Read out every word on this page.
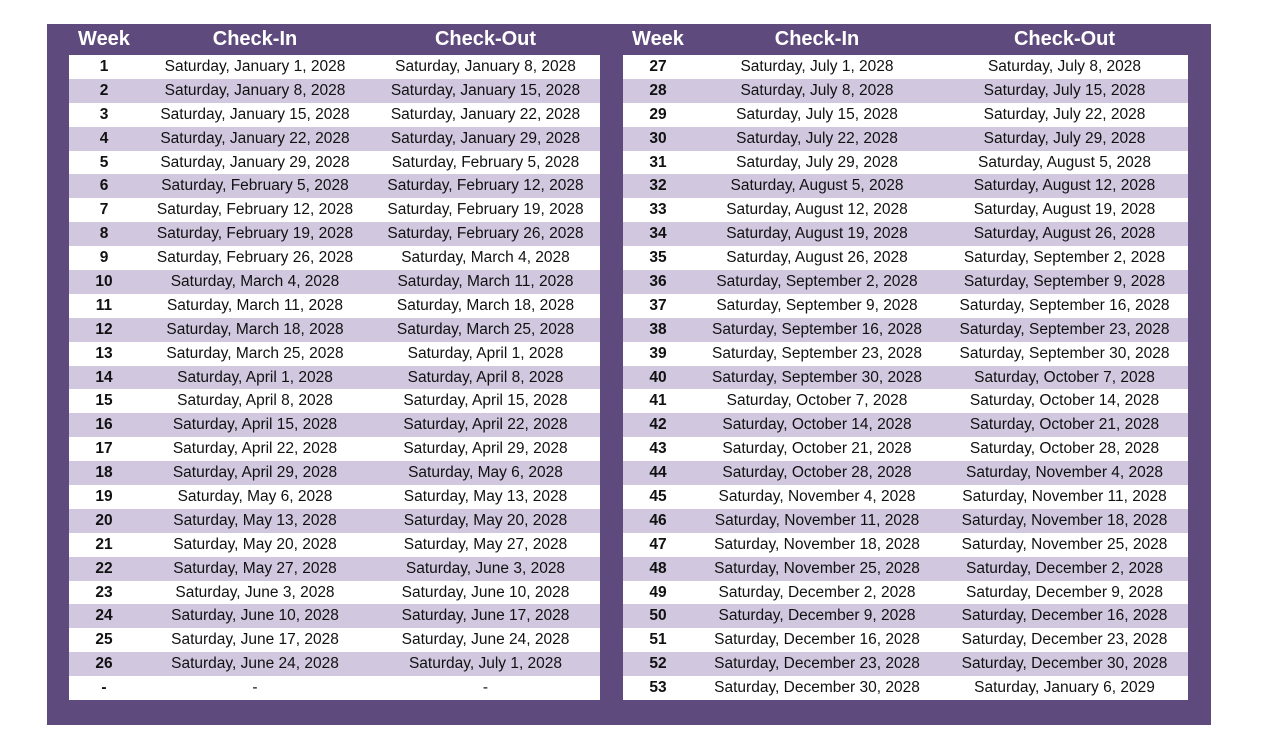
Week	Check-In	Check-Out
1	Saturday, January 1, 2028	Saturday, January 8, 2028
2	Saturday, January 8, 2028	Saturday, January 15, 2028
3	Saturday, January 15, 2028	Saturday, January 22, 2028
4	Saturday, January 22, 2028	Saturday, January 29, 2028
5	Saturday, January 29, 2028	Saturday, February 5, 2028
6	Saturday, February 5, 2028	Saturday, February 12, 2028
7	Saturday, February 12, 2028	Saturday, February 19, 2028
8	Saturday, February 19, 2028	Saturday, February 26, 2028
9	Saturday, February 26, 2028	Saturday, March 4, 2028
10	Saturday, March 4, 2028	Saturday, March 11, 2028
11	Saturday, March 11, 2028	Saturday, March 18, 2028
12	Saturday, March 18, 2028	Saturday, March 25, 2028
13	Saturday, March 25, 2028	Saturday, April 1, 2028
14	Saturday, April 1, 2028	Saturday, April 8, 2028
15	Saturday, April 8, 2028	Saturday, April 15, 2028
16	Saturday, April 15, 2028	Saturday, April 22, 2028
17	Saturday, April 22, 2028	Saturday, April 29, 2028
18	Saturday, April 29, 2028	Saturday, May 6, 2028
19	Saturday, May 6, 2028	Saturday, May 13, 2028
20	Saturday, May 13, 2028	Saturday, May 20, 2028
21	Saturday, May 20, 2028	Saturday, May 27, 2028
22	Saturday, May 27, 2028	Saturday, June 3, 2028
23	Saturday, June 3, 2028	Saturday, June 10, 2028
24	Saturday, June 10, 2028	Saturday, June 17, 2028
25	Saturday, June 17, 2028	Saturday, June 24, 2028
26	Saturday, June 24, 2028	Saturday, July 1, 2028
-	-	-
Week	Check-In	Check-Out
27	Saturday, July 1, 2028	Saturday, July 8, 2028
28	Saturday, July 8, 2028	Saturday, July 15, 2028
29	Saturday, July 15, 2028	Saturday, July 22, 2028
30	Saturday, July 22, 2028	Saturday, July 29, 2028
31	Saturday, July 29, 2028	Saturday, August 5, 2028
32	Saturday, August 5, 2028	Saturday, August 12, 2028
33	Saturday, August 12, 2028	Saturday, August 19, 2028
34	Saturday, August 19, 2028	Saturday, August 26, 2028
35	Saturday, August 26, 2028	Saturday, September 2, 2028
36	Saturday, September 2, 2028	Saturday, September 9, 2028
37	Saturday, September 9, 2028	Saturday, September 16, 2028
38	Saturday, September 16, 2028	Saturday, September 23, 2028
39	Saturday, September 23, 2028	Saturday, September 30, 2028
40	Saturday, September 30, 2028	Saturday, October 7, 2028
41	Saturday, October 7, 2028	Saturday, October 14, 2028
42	Saturday, October 14, 2028	Saturday, October 21, 2028
43	Saturday, October 21, 2028	Saturday, October 28, 2028
44	Saturday, October 28, 2028	Saturday, November 4, 2028
45	Saturday, November 4, 2028	Saturday, November 11, 2028
46	Saturday, November 11, 2028	Saturday, November 18, 2028
47	Saturday, November 18, 2028	Saturday, November 25, 2028
48	Saturday, November 25, 2028	Saturday, December 2, 2028
49	Saturday, December 2, 2028	Saturday, December 9, 2028
50	Saturday, December 9, 2028	Saturday, December 16, 2028
51	Saturday, December 16, 2028	Saturday, December 23, 2028
52	Saturday, December 23, 2028	Saturday, December 30, 2028
53	Saturday, December 30, 2028	Saturday, January 6, 2029
